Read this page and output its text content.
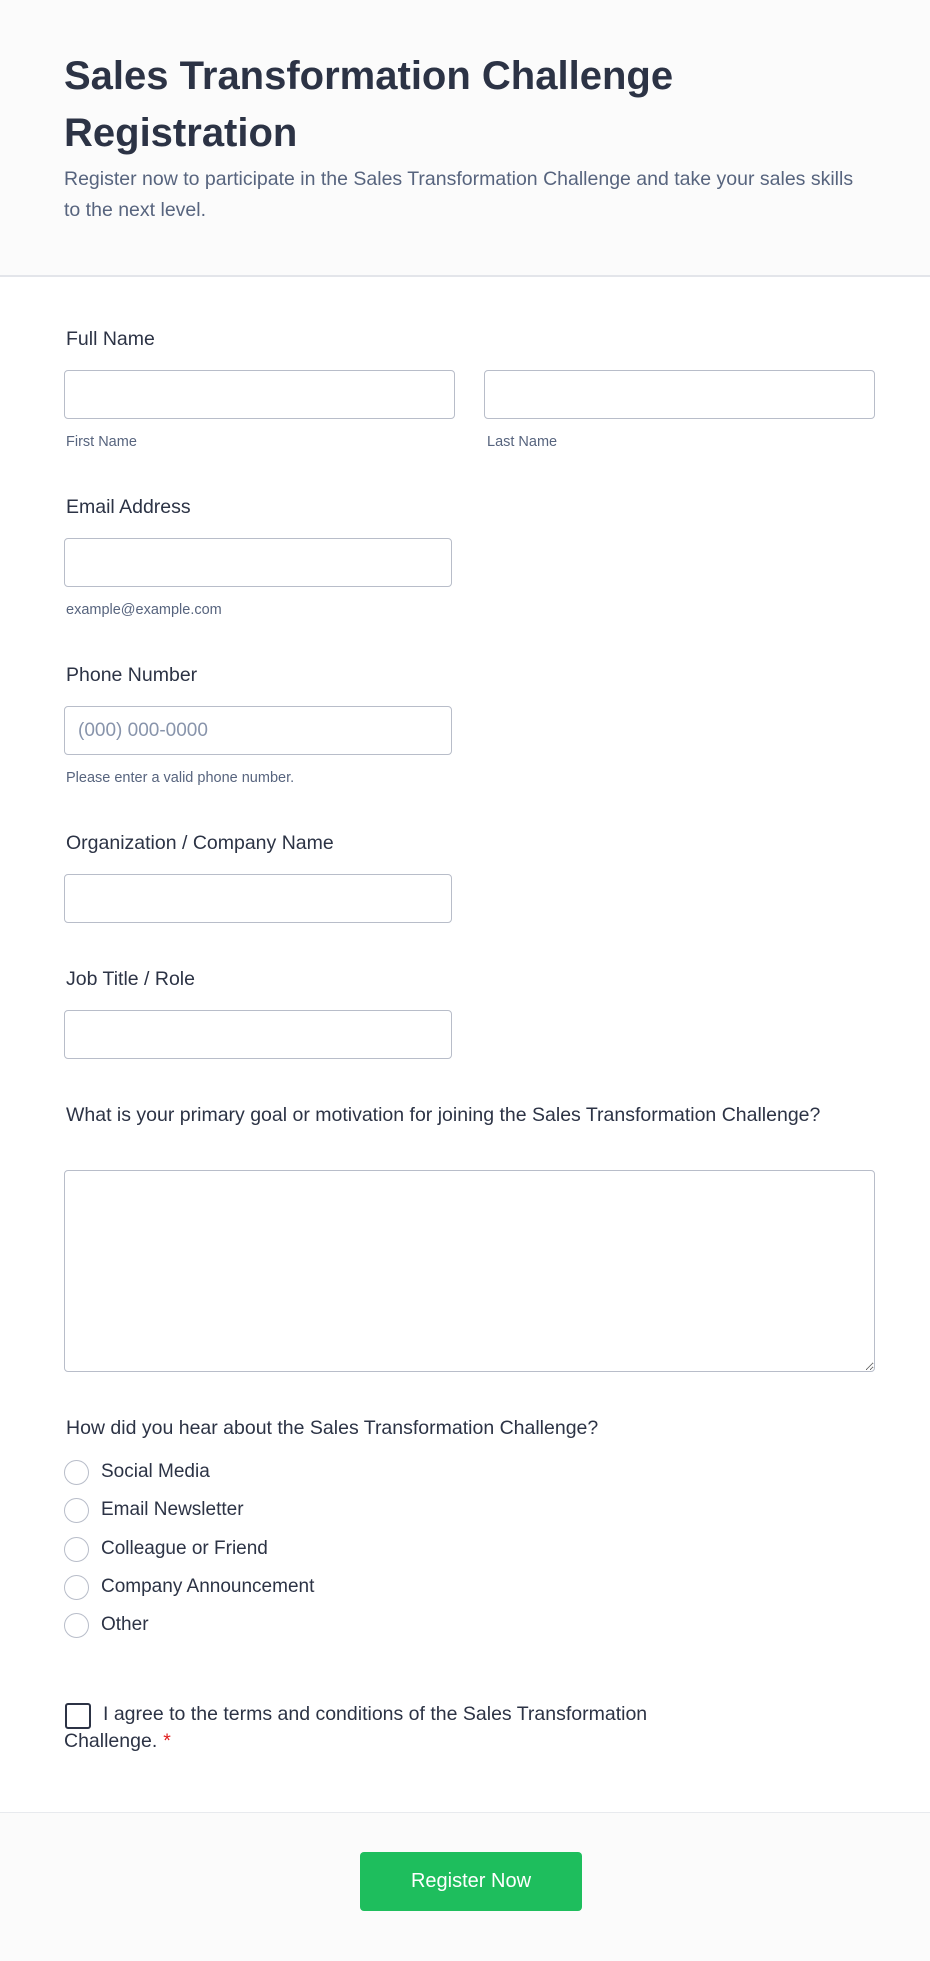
Sales Transformation Challenge Registration

Register now to participate in the Sales Transformation Challenge and take your sales skills to the next level.

Full Name
First Name	Last Name
Email Address
example@example.com
Phone Number
(000) 000-0000
Please enter a valid phone number.
Organization / Company Name
Job Title / Role
What is your primary goal or motivation for joining the Sales Transformation Challenge?
How did you hear about the Sales Transformation Challenge?
Social Media
Email Newsletter
Colleague or Friend
Company Announcement
Other

I agree to the terms and conditions of the Sales Transformation Challenge. *

Register Now
